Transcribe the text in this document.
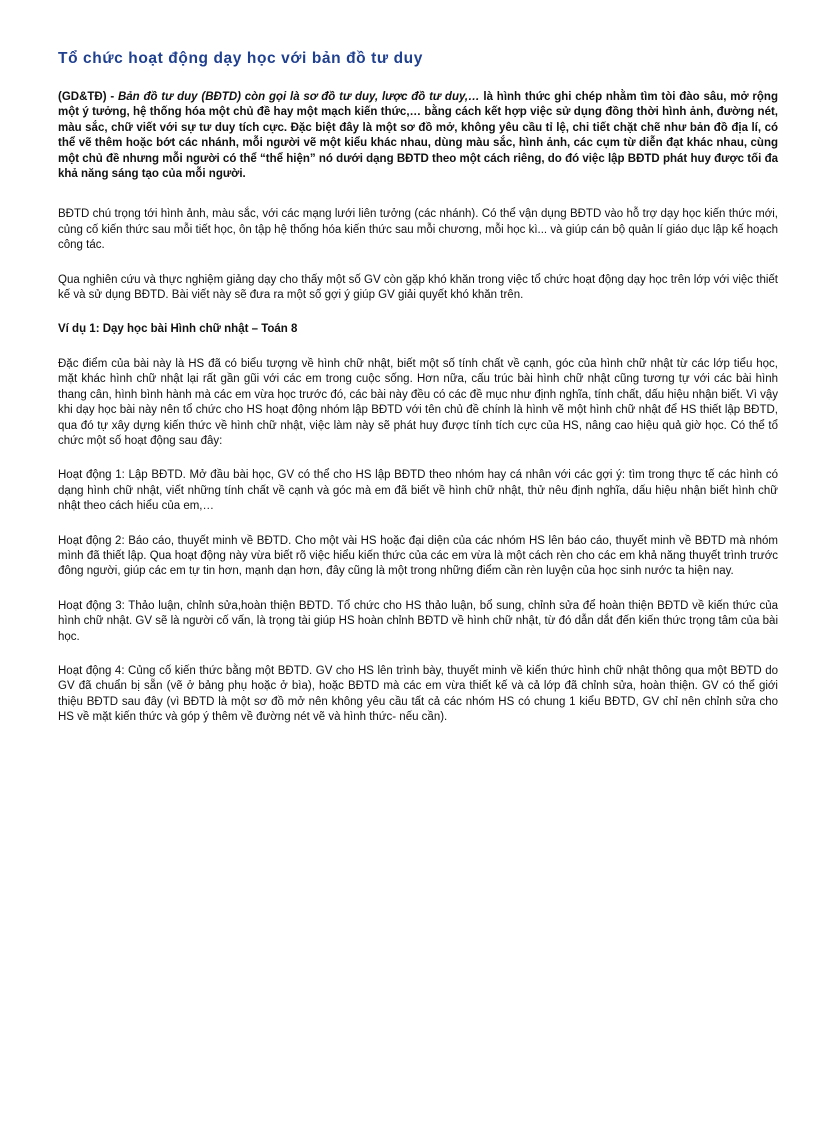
Tổ chức hoạt động dạy học với bản đồ tư duy

(GD&TĐ) - Bản đồ tư duy (BĐTD) còn gọi là sơ đồ tư duy, lược đồ tư duy,… là hình thức ghi chép nhằm tìm tòi đào sâu, mở rộng một ý tưởng, hệ thống hóa một chủ đề hay một mạch kiến thức,… bằng cách kết hợp việc sử dụng đồng thời hình ảnh, đường nét, màu sắc, chữ viết với sự tư duy tích cực. Đặc biệt đây là một sơ đồ mở, không yêu cầu tỉ lệ, chi tiết chặt chẽ như bản đồ địa lí, có thể vẽ thêm hoặc bớt các nhánh, mỗi người vẽ một kiểu khác nhau, dùng màu sắc, hình ảnh, các cụm từ diễn đạt khác nhau, cùng một chủ đề nhưng mỗi người có thể “thể hiện” nó dưới dạng BĐTD theo một cách riêng, do đó việc lập BĐTD phát huy được tối đa khả năng sáng tạo của mỗi người.

BĐTD chú trọng tới hình ảnh, màu sắc, với các mạng lưới liên tưởng (các nhánh). Có thể vận dụng BĐTD vào hỗ trợ dạy học kiến thức mới, củng cố kiến thức sau mỗi tiết học, ôn tập hệ thống hóa kiến thức sau mỗi chương, mỗi học kì... và giúp cán bộ quản lí giáo dục lập kế hoạch công tác.

Qua nghiên cứu và thực nghiệm giảng dạy cho thấy một số GV còn gặp khó khăn trong việc tổ chức hoạt động dạy học trên lớp với việc thiết kế và sử dụng BĐTD. Bài viết này sẽ đưa ra một số gợi ý giúp GV giải quyết khó khăn trên.

Ví dụ 1: Dạy học bài Hình chữ nhật – Toán 8

Đặc điểm của bài này là HS đã có biểu tượng về hình chữ nhật, biết một số tính chất về cạnh, góc của hình chữ nhật từ các lớp tiểu học, mặt khác hình chữ nhật lại rất gần gũi với các em trong cuộc sống. Hơn nữa, cấu trúc bài hình chữ nhật cũng tương tự với các bài hình thang cân, hình bình hành mà các em vừa học trước đó, các bài này đều có các đề mục như định nghĩa, tính chất, dấu hiệu nhận biết. Vì vậy khi dạy học bài này nên tổ chức cho HS hoạt động nhóm lập BĐTD với tên chủ đề chính là hình vẽ một hình chữ nhật để HS thiết lập BĐTD, qua đó tự xây dựng kiến thức về hình chữ nhật, việc làm này sẽ phát huy được tính tích cực của HS, nâng cao hiệu quả giờ học. Có thể tổ chức một số hoạt động sau đây:

Hoạt động 1: Lập BĐTD. Mở đầu bài học, GV có thể cho HS lập BĐTD theo nhóm hay cá nhân với các gợi ý: tìm trong thực tế các hình có dạng hình chữ nhật, viết những tính chất về cạnh và góc mà em đã biết về hình chữ nhật, thử nêu định nghĩa, dấu hiệu nhận biết hình chữ nhật theo cách hiểu của em,…

Hoạt động 2: Báo cáo, thuyết minh về BĐTD. Cho một vài HS hoặc đại diện của các nhóm HS lên báo cáo, thuyết minh về BĐTD mà nhóm mình đã thiết lập. Qua hoạt động này vừa biết rõ việc hiểu kiến thức của các em vừa là một cách rèn cho các em khả năng thuyết trình trước đông người, giúp các em tự tin hơn, mạnh dạn hơn, đây cũng là một trong những điểm cần rèn luyện của học sinh nước ta hiện nay.

Hoạt động 3: Thảo luận, chỉnh sửa,hoàn thiện BĐTD. Tổ chức cho HS thảo luận, bổ sung, chỉnh sửa để hoàn thiện BĐTD về kiến thức của hình chữ nhật. GV sẽ là người cố vấn, là trọng tài giúp HS hoàn chỉnh BĐTD về hình chữ nhật, từ đó dẫn dắt đến kiến thức trọng tâm của bài học.

Hoạt động 4: Củng cố kiến thức bằng một BĐTD. GV cho HS lên trình bày, thuyết minh về kiến thức hình chữ nhật thông qua một BĐTD do GV đã chuẩn bị sẵn (vẽ ở bảng phụ hoặc ở bìa), hoặc BĐTD mà các em vừa thiết kế và cả lớp đã chỉnh sửa, hoàn thiện. GV có thể giới thiệu BĐTD sau đây (vì BĐTD là một sơ đồ mở nên không yêu cầu tất cả các nhóm HS có chung 1 kiểu BĐTD, GV chỉ nên chỉnh sửa cho HS về mặt kiến thức và góp ý thêm về đường nét vẽ và hình thức- nếu cần).
